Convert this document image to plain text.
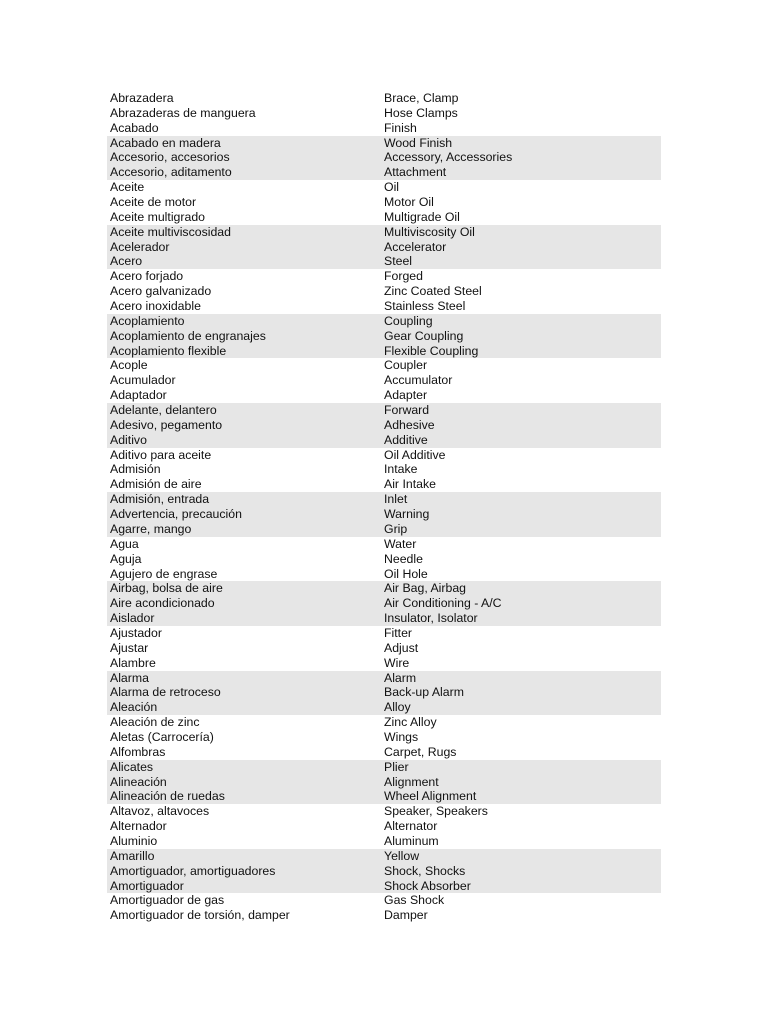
Abrazadera	Brace, Clamp
Abrazaderas de manguera	Hose Clamps
Acabado	Finish
Acabado en madera	Wood Finish
Accesorio, accesorios	Accessory, Accessories
Accesorio, aditamento	Attachment
Aceite	Oil
Aceite de motor	Motor Oil
Aceite multigrado	Multigrade Oil
Aceite multiviscosidad	Multiviscosity Oil
Acelerador	Accelerator
Acero	Steel
Acero forjado	Forged
Acero galvanizado	Zinc Coated Steel
Acero inoxidable	Stainless Steel
Acoplamiento	Coupling
Acoplamiento de engranajes	Gear Coupling
Acoplamiento flexible	Flexible Coupling
Acople	Coupler
Acumulador	Accumulator
Adaptador	Adapter
Adelante, delantero	Forward
Adesivo, pegamento	Adhesive
Aditivo	Additive
Aditivo para aceite	Oil Additive
Admisión	Intake
Admisión de aire	Air Intake
Admisión, entrada	Inlet
Advertencia, precaución	Warning
Agarre, mango	Grip
Agua	Water
Aguja	Needle
Agujero de engrase	Oil Hole
Airbag, bolsa de aire	Air Bag, Airbag
Aire acondicionado	Air Conditioning - A/C
Aislador	Insulator, Isolator
Ajustador	Fitter
Ajustar	Adjust
Alambre	Wire
Alarma	Alarm
Alarma de retroceso	Back-up Alarm
Aleación	Alloy
Aleación de zinc	Zinc Alloy
Aletas (Carrocería)	Wings
Alfombras	Carpet, Rugs
Alicates	Plier
Alineación	Alignment
Alineación de ruedas	Wheel Alignment
Altavoz, altavoces	Speaker, Speakers
Alternador	Alternator
Aluminio	Aluminum
Amarillo	Yellow
Amortiguador, amortiguadores	Shock, Shocks
Amortiguador	Shock Absorber
Amortiguador de gas	Gas Shock
Amortiguador de torsión, damper	Damper
